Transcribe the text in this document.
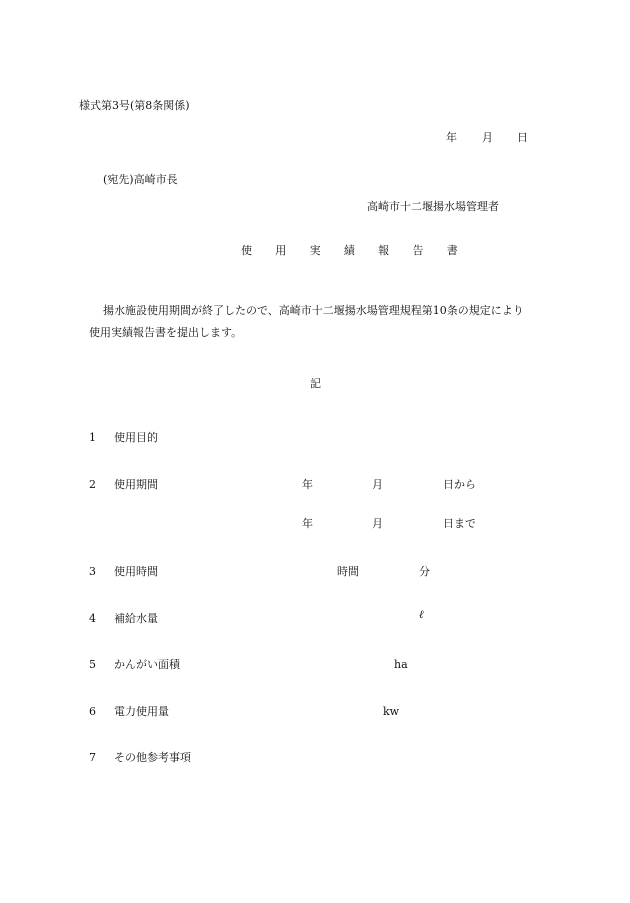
様式第3号(第8条関係)
年 月 日
(宛先)高崎市長
高崎市十二堰揚水場管理者
使 用 実 績 報 告 書
揚水施設使用期間が終了したので、高崎市十二堰揚水場管理規程第10条の規定により
使用実績報告書を提出します。
記
1 使用目的
2 使用期間	年	月	日から
年	月	日まで
3 使用時間	時間	分
4 補給水量	ℓ
5 かんがい面積	ha
6 電力使用量	kw
7 その他参考事項
